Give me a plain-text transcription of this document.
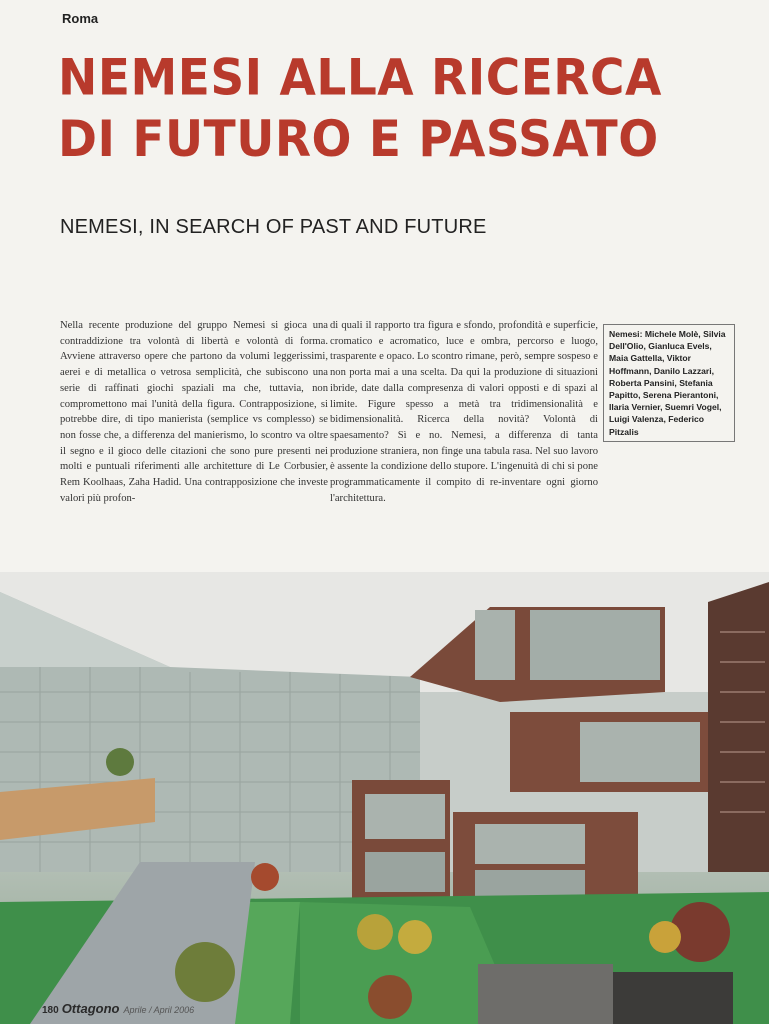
Roma
NEMESI ALLA RICERCA
DI FUTURO E PASSATO
NEMESI, IN SEARCH OF PAST AND FUTURE
Nella recente produzione del gruppo Nemesi si gioca una contraddizione tra volontà di libertà e volontà di forma. Avviene attraverso opere che partono da volumi leggerissimi, aerei e di metallica o vetrosa semplicità, che subiscono una serie di raffinati giochi spaziali ma che, tuttavia, non compromettono mai l'unità della figura. Contrapposizione, si potrebbe dire, di tipo manierista (semplice vs complesso) se non fosse che, a differenza del manierismo, lo scontro va oltre il segno e il gioco delle citazioni che sono pure presenti nei molti e puntuali riferimenti alle architetture di Le Corbusier, Rem Koolhaas, Zaha Hadid. Una contrapposizione che investe valori più profon-
di quali il rapporto tra figura e sfondo, profondità e superficie, cromatico e acromatico, luce e ombra, percorso e luogo, trasparente e opaco. Lo scontro rimane, però, sempre sospeso e non porta mai a una scelta. Da qui la produzione di situazioni ibride, date dalla compresenza di valori opposti e di spazi al limite. Figure spesso a metà tra tridimensionalità e bidimensionalità. Ricerca della novità? Volontà di spaesamento? Sì e no. Nemesi, a differenza di tanta produzione straniera, non finge una tabula rasa. Nel suo lavoro è assente la condizione dello stupore. L'ingenuità di chi si pone programmaticamente il compito di re-inventare ogni giorno l'architettura.
Nemesi: Michele Molè, Silvia Dell'Olio, Gianluca Evels, Maia Gattella, Viktor Hoffmann, Danilo Lazzari, Roberta Pansini, Stefania Papitto, Serena Pierantoni, Ilaria Vernier, Suemri Vogel, Luigi Valenza, Federico Pitzalis
180 Ottagono Aprile / April 2006
